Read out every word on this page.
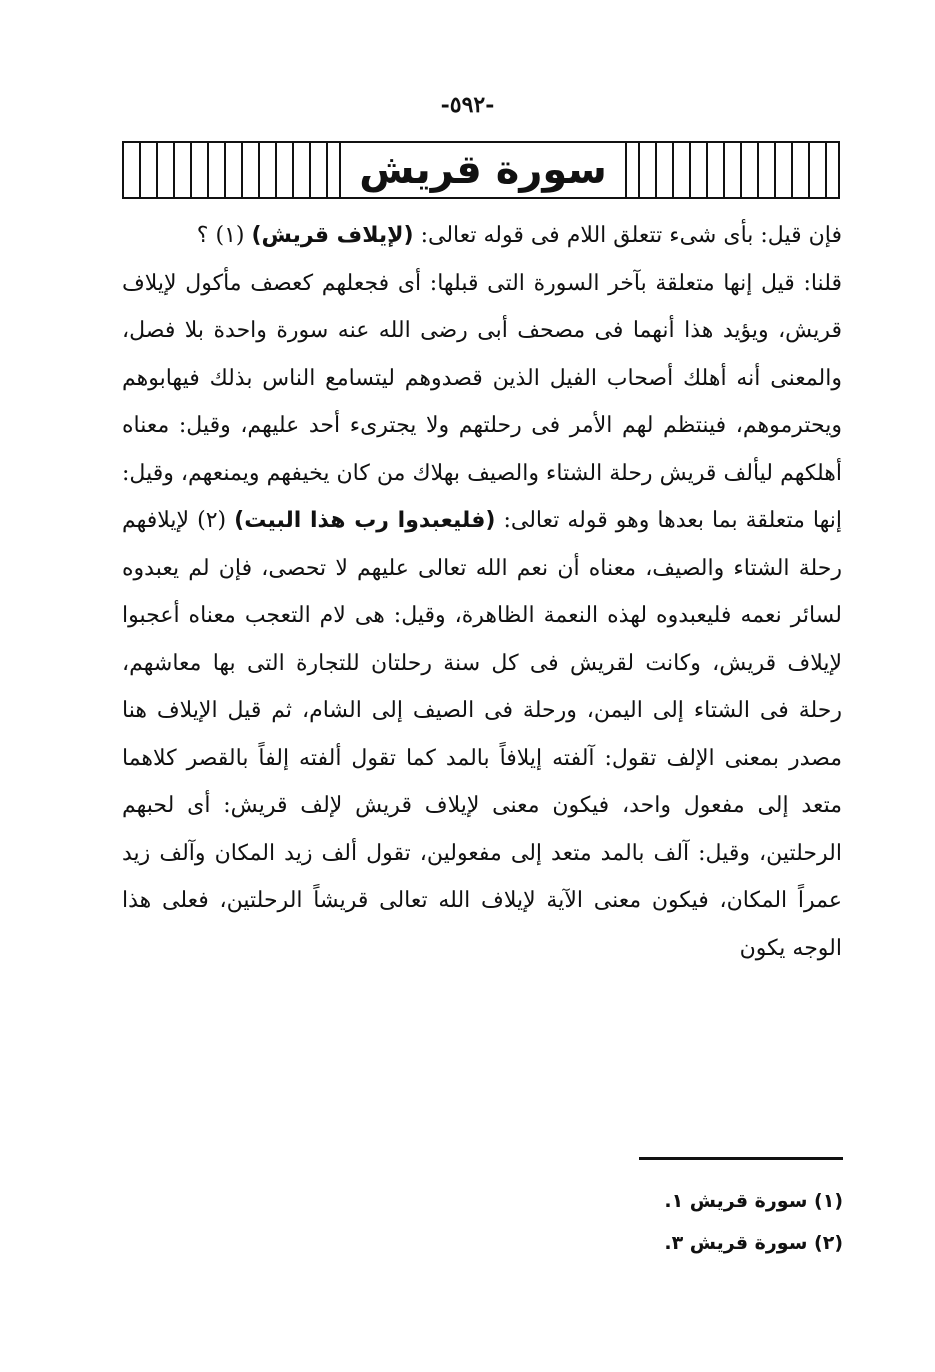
-٥٩٢-
سورة قريش

فإن قيل: بأى شىء تتعلق اللام فى قوله تعالى: (لإيلاف قريش) (١) ؟

قلنا: قيل إنها متعلقة بآخر السورة التى قبلها: أى فجعلهم كعصف مأكول لإيلاف قريش، ويؤيد هذا أنهما فى مصحف أبى رضى الله عنه سورة واحدة بلا فصل، والمعنى أنه أهلك أصحاب الفيل الذين قصدوهم ليتسامع الناس بذلك فيهابوهم ويحترموهم، فينتظم لهم الأمر فى رحلتهم ولا يجترىء أحد عليهم، وقيل: معناه أهلكهم ليألف قريش رحلة الشتاء والصيف بهلاك من كان يخيفهم ويمنعهم، وقيل: إنها متعلقة بما بعدها وهو قوله تعالى: (فليعبدوا رب هذا البيت) (٢) لإيلافهم رحلة الشتاء والصيف، معناه أن نعم الله تعالى عليهم لا تحصى، فإن لم يعبدوه لسائر نعمه فليعبدوه لهذه النعمة الظاهرة، وقيل: هى لام التعجب معناه أعجبوا لإيلاف قريش، وكانت لقريش فى كل سنة رحلتان للتجارة التى بها معاشهم، رحلة فى الشتاء إلى اليمن، ورحلة فى الصيف إلى الشام، ثم قيل الإيلاف هنا مصدر بمعنى الإلف تقول: آلفته إيلافاً بالمد كما تقول ألفته إلفاً بالقصر كلاهما متعد إلى مفعول واحد، فيكون معنى لإيلاف قريش لإلف قريش: أى لحبهم الرحلتين، وقيل: آلف بالمد متعد إلى مفعولين، تقول ألف زيد المكان وآلف زيد عمراً المكان، فيكون معنى الآية لإيلاف الله تعالى قريشاً الرحلتين، فعلى هذا الوجه يكون

(١) سورة قريش ١.
(٢) سورة قريش ٣.
